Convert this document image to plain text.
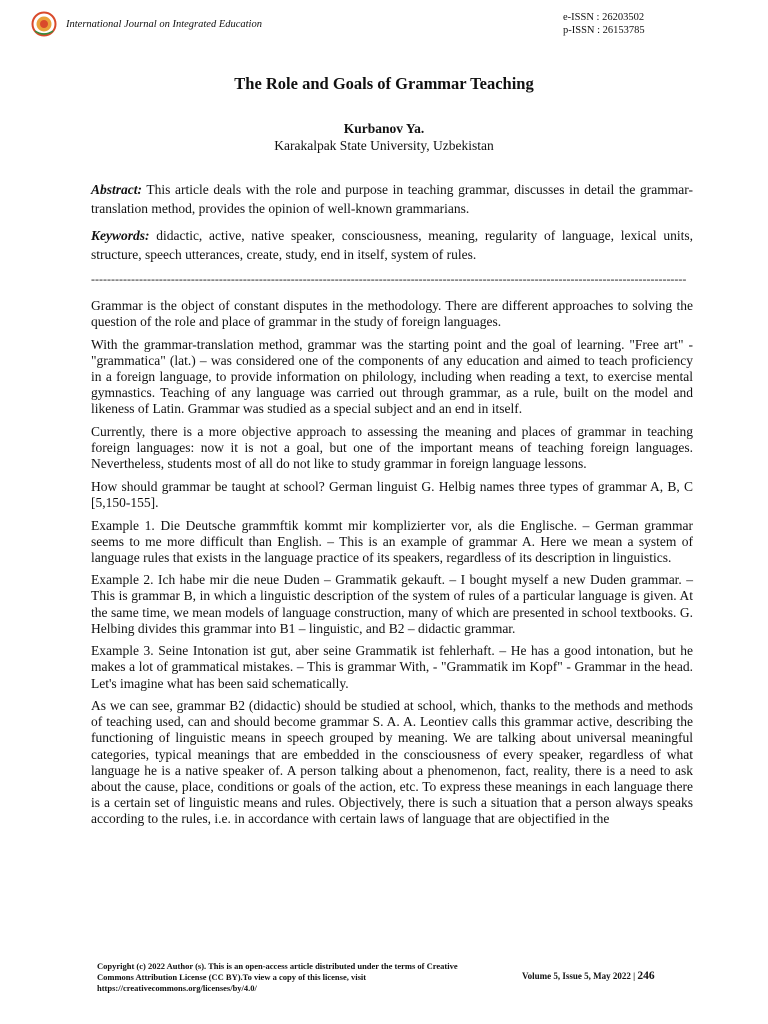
International Journal on Integrated Education
e-ISSN : 26203502
p-ISSN : 26153785
The Role and Goals of Grammar Teaching
Kurbanov Ya.
Karakalpak State University, Uzbekistan
Abstract: This article deals with the role and purpose in teaching grammar, discusses in detail the grammar-translation method, provides the opinion of well-known grammarians.
Keywords: didactic, active, native speaker, consciousness, meaning, regularity of language, lexical units, structure, speech utterances, create, study, end in itself, system of rules.
-----------------------------------------------------------------------------------------------------------------------------------------------------

Grammar is the object of constant disputes in the methodology. There are different approaches to solving the question of the role and place of grammar in the study of foreign languages.

With the grammar-translation method, grammar was the starting point and the goal of learning. "Free art" - "grammatica" (lat.) – was considered one of the components of any education and aimed to teach proficiency in a foreign language, to provide information on philology, including when reading a text, to exercise mental gymnastics. Teaching of any language was carried out through grammar, as a rule, built on the model and likeness of Latin. Grammar was studied as a special subject and an end in itself.

Currently, there is a more objective approach to assessing the meaning and places of grammar in teaching foreign languages: now it is not a goal, but one of the important means of teaching foreign languages. Nevertheless, students most of all do not like to study grammar in foreign language lessons.

How should grammar be taught at school? German linguist G. Helbig names three types of grammar A, B, C [5,150-155].

Example 1. Die Deutsche grammftik kommt mir komplizierter vor, als die Englische. – German grammar seems to me more difficult than English. – This is an example of grammar A. Here we mean a system of language rules that exists in the language practice of its speakers, regardless of its description in linguistics.

Example 2. Ich habe mir die neue Duden – Grammatik gekauft. – I bought myself a new Duden grammar. – This is grammar B, in which a linguistic description of the system of rules of a particular language is given. At the same time, we mean models of language construction, many of which are presented in school textbooks. G. Helbing divides this grammar into B1 – linguistic, and B2 – didactic grammar.

Example 3. Seine Intonation ist gut, aber seine Grammatik ist fehlerhaft. – He has a good intonation, but he makes a lot of grammatical mistakes. – This is grammar With, - "Grammatik im Kopf" - Grammar in the head. Let's imagine what has been said schematically.

As we can see, grammar B2 (didactic) should be studied at school, which, thanks to the methods and methods of teaching used, can and should become grammar S. A. A. Leontiev calls this grammar active, describing the functioning of linguistic means in speech grouped by meaning. We are talking about universal meaningful categories, typical meanings that are embedded in the consciousness of every speaker, regardless of what language he is a native speaker of. A person talking about a phenomenon, fact, reality, there is a need to ask about the cause, place, conditions or goals of the action, etc. To express these meanings in each language there is a certain set of linguistic means and rules. Objectively, there is such a situation that a person always speaks according to the rules, i.e. in accordance with certain laws of language that are objectified in the

Copyright (c) 2022 Author (s). This is an open-access article distributed under the terms of Creative Commons Attribution License (CC BY).To view a copy of this license, visit https://creativecommons.org/licenses/by/4.0/
Volume 5, Issue 5, May 2022 | 246
